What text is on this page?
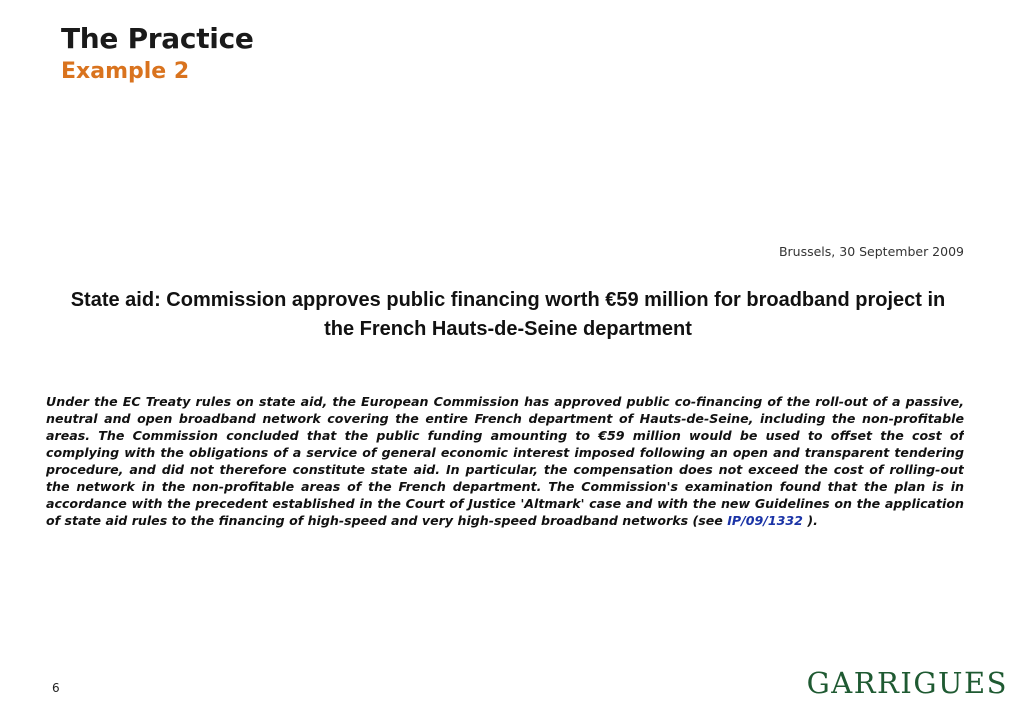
The Practice
Example 2
Brussels, 30 September 2009
State aid: Commission approves public financing worth €59 million for broadband project in
the French Hauts-de-Seine department
Under the EC Treaty rules on state aid, the European Commission has approved public co-financing of the roll-out of a passive, neutral and open broadband network covering the entire French department of Hauts-de-Seine, including the non-profitable areas. The Commission concluded that the public funding amounting to €59 million would be used to offset the cost of complying with the obligations of a service of general economic interest imposed following an open and transparent tendering procedure, and did not therefore constitute state aid. In particular, the compensation does not exceed the cost of rolling-out the network in the non-profitable areas of the French department. The Commission's examination found that the plan is in accordance with the precedent established in the Court of Justice 'Altmark' case and with the new Guidelines on the application of state aid rules to the financing of high-speed and very high-speed broadband networks (see IP/09/1332 ).
6	GARRIGUES
